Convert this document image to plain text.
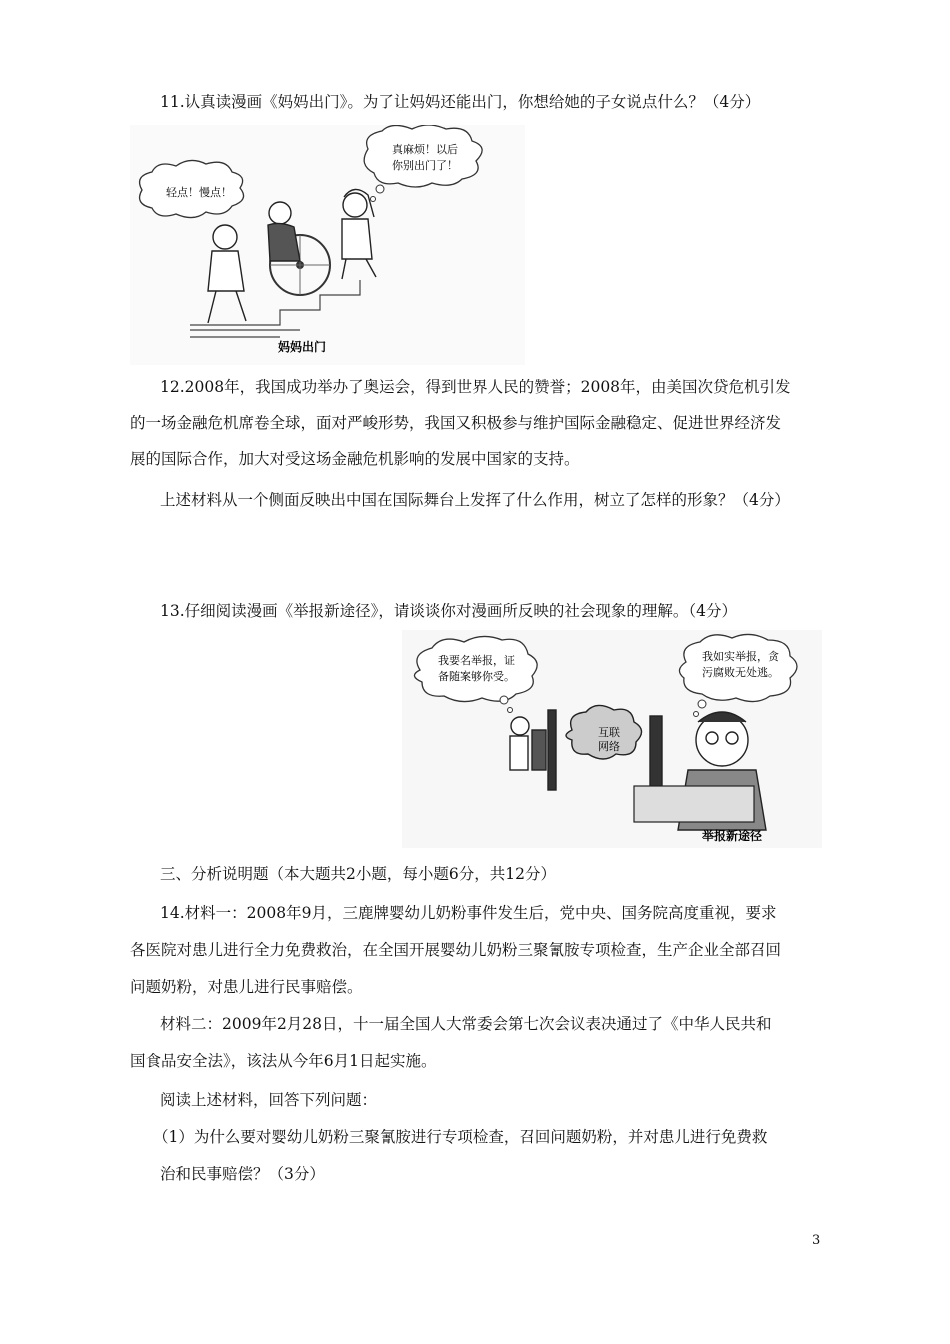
11.认真读漫画《妈妈出门》。为了让妈妈还能出门，你想给她的子女说点什么？（4分）
轻点！慢点！
真麻烦！以后
你别出门了！
妈妈出门
12.2008年，我国成功举办了奥运会，得到世界人民的赞誉；2008年，由美国次贷危机引发
的一场金融危机席卷全球，面对严峻形势，我国又积极参与维护国际金融稳定、促进世界经济发
展的国际合作，加大对受这场金融危机影响的发展中国家的支持。
上述材料从一个侧面反映出中国在国际舞台上发挥了什么作用，树立了怎样的形象？（4分）
13.仔细阅读漫画《举报新途径》，请谈谈你对漫画所反映的社会现象的理解。（4分）
我要名举报，证
备随案够你受。
我如实举报，贪
污腐败无处逃。
互联
网络
举报新途径
三、分析说明题（本大题共2小题，每小题6分，共12分）
14.材料一：2008年9月，三鹿牌婴幼儿奶粉事件发生后，党中央、国务院高度重视，要求
各医院对患儿进行全力免费救治，在全国开展婴幼儿奶粉三聚氰胺专项检查，生产企业全部召回
问题奶粉，对患儿进行民事赔偿。
材料二：2009年2月28日，十一届全国人大常委会第七次会议表决通过了《中华人民共和
国食品安全法》，该法从今年6月1日起实施。
阅读上述材料，回答下列问题：
（1）为什么要对婴幼儿奶粉三聚氰胺进行专项检查，召回问题奶粉，并对患儿进行免费救
治和民事赔偿？（3分）
3
